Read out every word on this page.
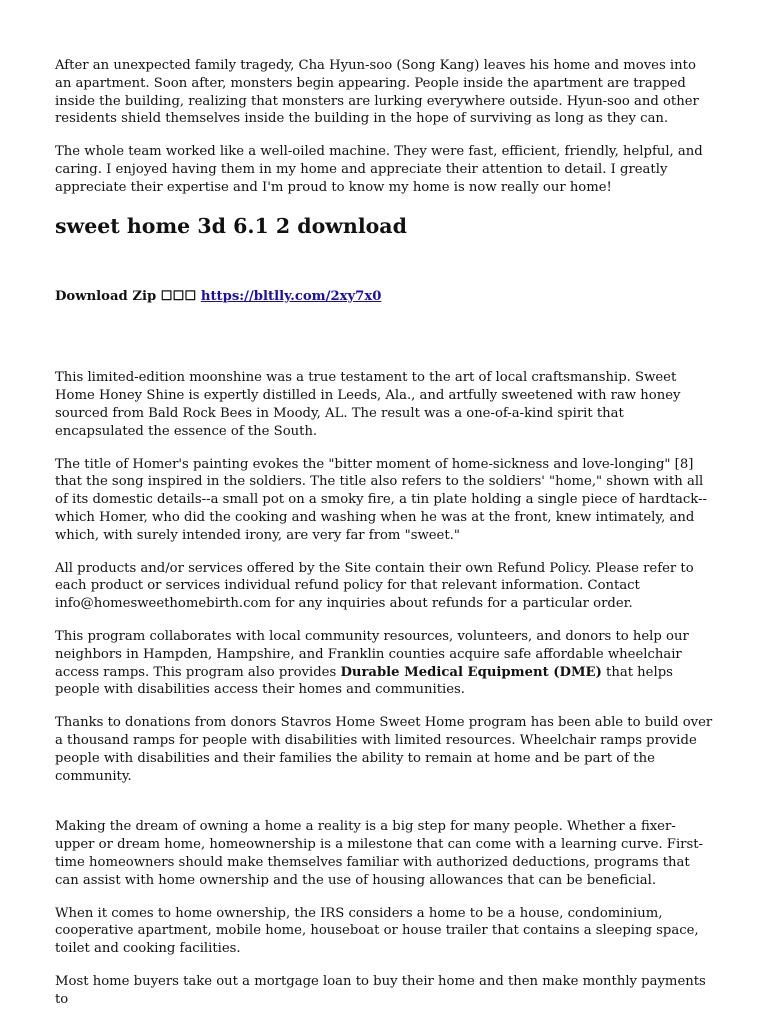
After an unexpected family tragedy, Cha Hyun-soo (Song Kang) leaves his home and moves into an apartment. Soon after, monsters begin appearing. People inside the apartment are trapped inside the building, realizing that monsters are lurking everywhere outside. Hyun-soo and other residents shield themselves inside the building in the hope of surviving as long as they can.

The whole team worked like a well-oiled machine. They were fast, efficient, friendly, helpful, and caring. I enjoyed having them in my home and appreciate their attention to detail. I greatly appreciate their expertise and I'm proud to know my home is now really our home!

sweet home 3d 6.1 2 download

Download Zip ☐☐☐ https://bltlly.com/2xy7x0

This limited-edition moonshine was a true testament to the art of local craftsmanship. Sweet Home Honey Shine is expertly distilled in Leeds, Ala., and artfully sweetened with raw honey sourced from Bald Rock Bees in Moody, AL. The result was a one-of-a-kind spirit that encapsulated the essence of the South.

The title of Homer's painting evokes the "bitter moment of home-sickness and love-longing" [8] that the song inspired in the soldiers. The title also refers to the soldiers' "home," shown with all of its domestic details--a small pot on a smoky fire, a tin plate holding a single piece of hardtack--which Homer, who did the cooking and washing when he was at the front, knew intimately, and which, with surely intended irony, are very far from "sweet."

All products and/or services offered by the Site contain their own Refund Policy. Please refer to each product or services individual refund policy for that relevant information. Contact info@homesweethomebirth.com for any inquiries about refunds for a particular order.

This program collaborates with local community resources, volunteers, and donors to help our neighbors in Hampden, Hampshire, and Franklin counties acquire safe affordable wheelchair access ramps. This program also provides Durable Medical Equipment (DME) that helps people with disabilities access their homes and communities.

Thanks to donations from donors Stavros Home Sweet Home program has been able to build over a thousand ramps for people with disabilities with limited resources. Wheelchair ramps provide people with disabilities and their families the ability to remain at home and be part of the community.

Making the dream of owning a home a reality is a big step for many people. Whether a fixer-upper or dream home, homeownership is a milestone that can come with a learning curve. First-time homeowners should make themselves familiar with authorized deductions, programs that can assist with home ownership and the use of housing allowances that can be beneficial.

When it comes to home ownership, the IRS considers a home to be a house, condominium, cooperative apartment, mobile home, houseboat or house trailer that contains a sleeping space, toilet and cooking facilities.

Most home buyers take out a mortgage loan to buy their home and then make monthly payments to
